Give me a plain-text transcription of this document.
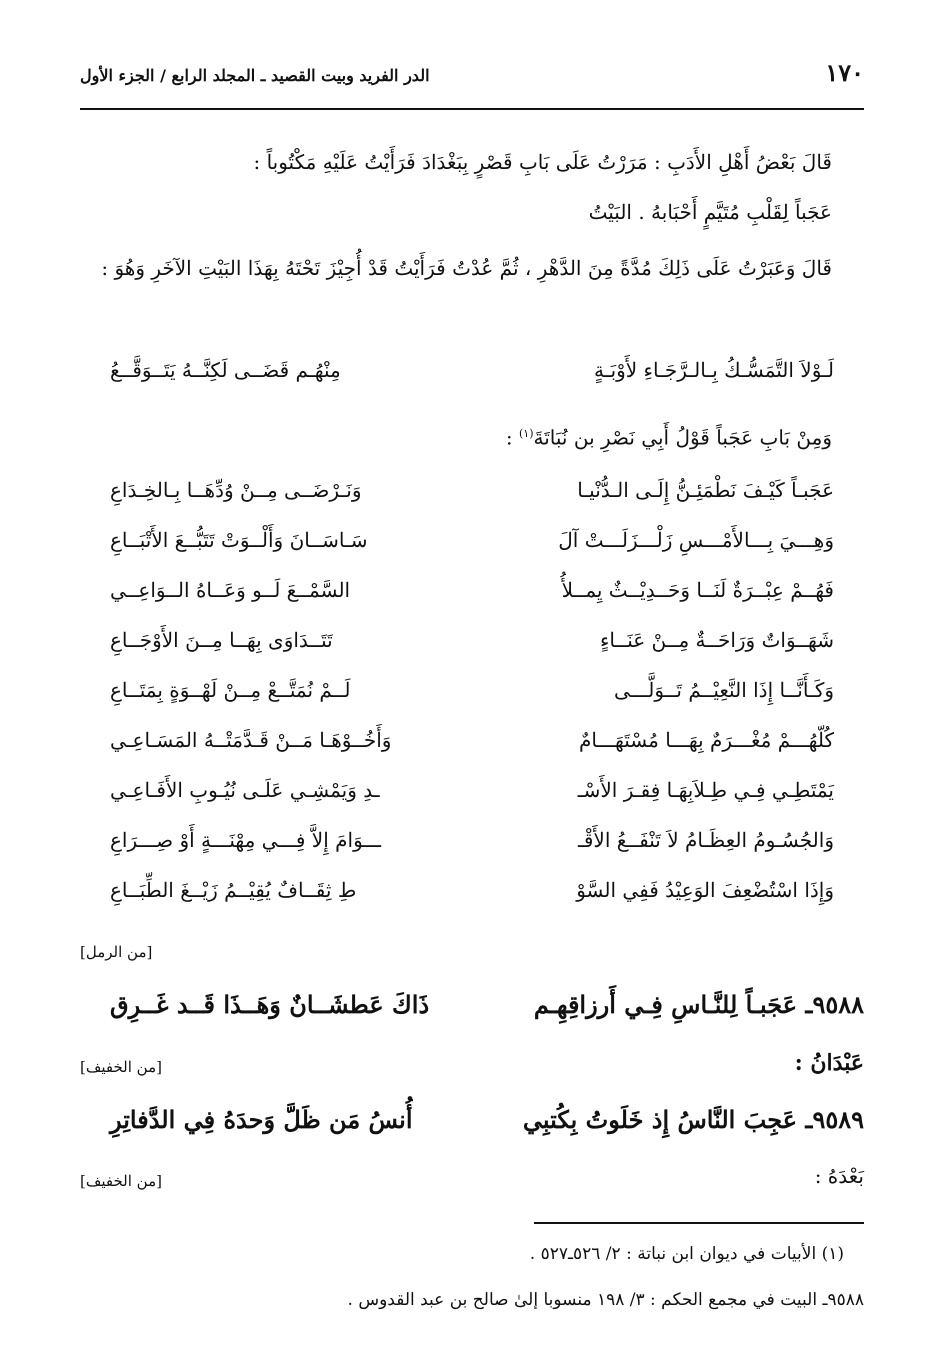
١٧٠
الدر الفريد وبيت القصيد ـ المجلد الرابع / الجزء الأول
قَالَ بَعْضُ أَهْلِ الأَدَبِ : مَرَرْتُ عَلَى بَابِ قَصْرٍ بِبَغْدَادَ فَرَأَيْتُ عَلَيْهِ مَكْتُوباً :
عَجَباً لِقَلْبِ مُتَيَّمٍ أَحْبَابهُ . البَيْتُ
قَالَ وَعَبَرْتُ عَلَى ذَلِكَ مُدَّةً مِنَ الدَّهْرِ ، ثُمَّ عُدْتُ فَرَأَيْتُ قَدْ أُجِيْزَ تَحْتَهُ بِهَذَا البَيْتِ الآخَرِ وَهُوَ :
لَـوْلاَ التَّمَسُّـكُ بِـالـرَّجَـاءِ لأَوْبَـةٍ
مِنْهُـم قَضَــى لَكِنَّــهُ يَتَــوَقَّــعُ
وَمِنْ بَابِ عَجَباً قَوْلُ أَبِي نَصْرِ بن نُبَاتَةَ$^{(١)}$ :
عَجَبـاً كَيْـفَ نَطْمَئِـنُّ إِلَـى الـدُّنْيـا
وَنَـرْضَــى مِــنْ وُدِّهَــا بِـالخِـدَاعِ
وَهِـــيَ بِـــالأَمْـــسِ زَلْـــزَلَـــتْ آلَ
سَـاسَــانَ وَأَلْــوَتْ تَتَبُّــعَ الأَتْبَــاعِ
فَهُــمْ عِبْــرَةٌ لَنَــا وَحَــدِيْــثٌ يِمــلأُ
السَّمْــعَ لَــو وَعَــاهُ الــوَاعِــي
شَهَــوَاتٌ وَرَاحَــةٌ مِــنْ عَنَــاءٍ
تَتَــدَاوَى بِهَــا مِــنَ الأَوْجَــاعِ
وَكَـأَنَّــا إِذَا النَّعِيْــمُ تَــوَلَّـــى
لَــمْ نُمَتَّــعْ مِــنْ لَهْــوَةٍ بِمَتَــاعِ
كُلّهُـــمْ مُغْـــرَمٌ بِهَـــا مُسْتَهَـــامٌ
وَأَخُــوْهَـا مَــنْ قَـدَّمَتْــهُ المَسَـاعِـي
يَمْتَطِـي فِـي طِـلاَبِهَـا فِقـرَ الأَسْـ
ـدِ وَيَمْشِـي عَلَـى نُيُـوبِ الأَفَـاعِـي
وَالجُسُـومُ العِظَـامُ لاَ تَنْفَــعُ الأَقْـ
ـــوَامَ إِلاَّ فِـــي مِهْنَـــةٍ أَوْ صِـــرَاعِ
وَإِذَا اسْتُضْعِفَ الوَعِيْدُ فَفِي السَّوْ
طِ ثِقَــافٌ يُقِيْــمُ زَيْــغَ الطِّبَــاعِ
[من الرمل]
٩٥٨٨ـ عَجَبـاً لِلنَّـاسِ فِـي أَرزاقِهِـم
ذَاكَ عَطشَــانٌ وَهَــذَا قَــد غَــرِق
عَبْدَانُ :
[من الخفيف]
٩٥٨٩ـ عَجِبَ النَّاسُ إِذ خَلَوتُ بِكُتبِي
أُنسُ مَن ظَلَّ وَحدَهُ فِي الدَّفاتِرِ
بَعْدَهُ :
[من الخفيف]
(١) الأبيات في ديوان ابن نباتة : ٢/ ٥٢٦ـ٥٢٧ .
٩٥٨٨ـ البيت في مجمع الحكم : ٣/ ١٩٨ منسوبا إلىٰ صالح بن عبد القدوس .
